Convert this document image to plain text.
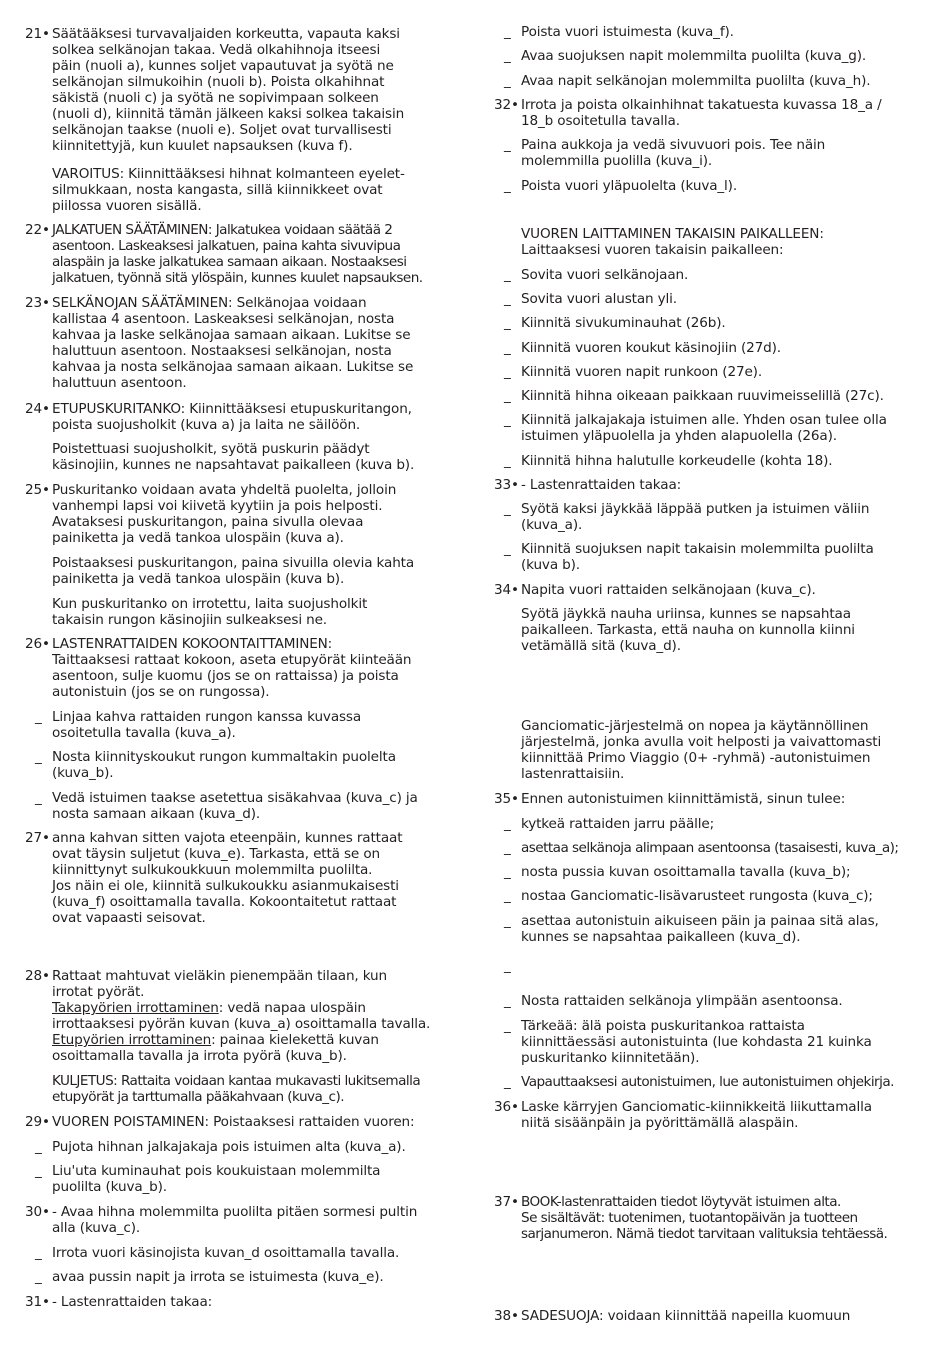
21• Säätääksesi turvavaljaiden korkeutta, vapauta kaksi
solkea selkänojan takaa. Vedä olkahihnoja itseesi
päin (nuoli a), kunnes soljet vapautuvat ja syötä ne
selkänojan silmukoihin (nuoli b). Poista olkahihnat
säkistä (nuoli c) ja syötä ne sopivimpaan solkeen
(nuoli d), kiinnitä tämän jälkeen kaksi solkea takaisin
selkänojan taakse (nuoli e). Soljet ovat turvallisesti
kiinnitettyjä, kun kuulet napsauksen (kuva f).
VAROITUS: Kiinnittääksesi hihnat kolmanteen eyelet-
silmukkaan, nosta kangasta, sillä kiinnikkeet ovat
piilossa vuoren sisällä.
22• JALKATUEN SÄÄTÄMINEN: Jalkatukea voidaan säätää 2
asentoon. Laskeaksesi jalkatuen, paina kahta sivuvipua
alaspäin ja laske jalkatukea samaan aikaan. Nostaaksesi
jalkatuen, työnnä sitä ylöspäin, kunnes kuulet napsauksen.
23• SELKÄNOJAN SÄÄTÄMINEN: Selkänojaa voidaan
kallistaa 4 asentoon. Laskeaksesi selkänojan, nosta
kahvaa ja laske selkänojaa samaan aikaan. Lukitse se
haluttuun asentoon. Nostaaksesi selkänojan, nosta
kahvaa ja nosta selkänojaa samaan aikaan. Lukitse se
haluttuun asentoon.
24• ETUPUSKURITANKO: Kiinnittääksesi etupuskuritangon,
poista suojusholkit (kuva a) ja laita ne säilöön.
Poistettuasi suojusholkit, syötä puskurin päädyt
käsinojiin, kunnes ne napsahtavat paikalleen (kuva b).
25• Puskuritanko voidaan avata yhdeltä puolelta, jolloin
vanhempi lapsi voi kiivetä kyytiin ja pois helposti.
Avataksesi puskuritangon, paina sivulla olevaa
painiketta ja vedä tankoa ulospäin (kuva a).
Poistaaksesi puskuritangon, paina sivuilla olevia kahta
painiketta ja vedä tankoa ulospäin (kuva b).
Kun puskuritanko on irrotettu, laita suojusholkit
takaisin rungon käsinojiin sulkeaksesi ne.
26• LASTENRATTAIDEN KOKOONTAITTAMINEN:
Taittaaksesi rattaat kokoon, aseta etupyörät kiinteään
asentoon, sulje kuomu (jos se on rattaissa) ja poista
autonistuin (jos se on rungossa).
_ Linjaa kahva rattaiden rungon kanssa kuvassa
osoitetulla tavalla (kuva_a).
_ Nosta kiinnityskoukut rungon kummaltakin puolelta
(kuva_b).
_ Vedä istuimen taakse asetettua sisäkahvaa (kuva_c) ja
nosta samaan aikaan (kuva_d).
27• anna kahvan sitten vajota eteenpäin, kunnes rattaat
ovat täysin suljetut (kuva_e). Tarkasta, että se on
kiinnittynyt sulkukoukkuun molemmilta puolilta.
Jos näin ei ole, kiinnitä sulkukoukku asianmukaisesti
(kuva_f) osoittamalla tavalla. Kokoontaitetut rattaat
ovat vapaasti seisovat.
28• Rattaat mahtuvat vieläkin pienempään tilaan, kun
irrotat pyörät.
Takapyörien irrottaminen: vedä napaa ulospäin
irrottaaksesi pyörän kuvan (kuva_a) osoittamalla tavalla.
Etupyörien irrottaminen: painaa kielekettä kuvan
osoittamalla tavalla ja irrota pyörä (kuva_b).
KULJETUS: Rattaita voidaan kantaa mukavasti lukitsemalla
etupyörät ja tarttumalla pääkahvaan (kuva_c).
29• VUOREN POISTAMINEN: Poistaaksesi rattaiden vuoren:
_ Pujota hihnan jalkajakaja pois istuimen alta (kuva_a).
_ Liu'uta kuminauhat pois koukuistaan molemmilta
puolilta (kuva_b).
30• - Avaa hihna molemmilta puolilta pitäen sormesi pultin
alla (kuva_c).
_ Irrota vuori käsinojista kuvan_d osoittamalla tavalla.
_ avaa pussin napit ja irrota se istuimesta (kuva_e).
31• - Lastenrattaiden takaa:
_ Poista vuori istuimesta (kuva_f).
_ Avaa suojuksen napit molemmilta puolilta (kuva_g).
_ Avaa napit selkänojan molemmilta puolilta (kuva_h).
32• Irrota ja poista olkainhihnat takatuesta kuvassa 18_a /
18_b osoitetulla tavalla.
_ Paina aukkoja ja vedä sivuvuori pois. Tee näin
molemmilla puolilla (kuva_i).
_ Poista vuori yläpuolelta (kuva_l).
VUOREN LAITTAMINEN TAKAISIN PAIKALLEEN:
Laittaaksesi vuoren takaisin paikalleen:
_ Sovita vuori selkänojaan.
_ Sovita vuori alustan yli.
_ Kiinnitä sivukuminauhat (26b).
_ Kiinnitä vuoren koukut käsinojiin (27d).
_ Kiinnitä vuoren napit runkoon (27e).
_ Kiinnitä hihna oikeaan paikkaan ruuvimeisselillä (27c).
_ Kiinnitä jalkajakaja istuimen alle. Yhden osan tulee olla
istuimen yläpuolella ja yhden alapuolella (26a).
_ Kiinnitä hihna halutulle korkeudelle (kohta 18).
33• - Lastenrattaiden takaa:
_ Syötä kaksi jäykkää läppää putken ja istuimen väliin
(kuva_a).
_ Kiinnitä suojuksen napit takaisin molemmilta puolilta
(kuva b).
34• Napita vuori rattaiden selkänojaan (kuva_c).
Syötä jäykkä nauha uriinsa, kunnes se napsahtaa
paikalleen. Tarkasta, että nauha on kunnolla kiinni
vetämällä sitä (kuva_d).
Ganciomatic-järjestelmä on nopea ja käytännöllinen
järjestelmä, jonka avulla voit helposti ja vaivattomasti
kiinnittää Primo Viaggio (0+ -ryhmä) -autonistuimen
lastenrattaisiin.
35• Ennen autonistuimen kiinnittämistä, sinun tulee:
_ kytkeä rattaiden jarru päälle;
_ asettaa selkänoja alimpaan asentoonsa (tasaisesti, kuva_a);
_ nosta pussia kuvan osoittamalla tavalla (kuva_b);
_ nostaa Ganciomatic-lisävarusteet rungosta (kuva_c);
_ asettaa autonistuin aikuiseen päin ja painaa sitä alas,
kunnes se napsahtaa paikalleen (kuva_d).
_
_ Nosta rattaiden selkänoja ylimpään asentoonsa.
_ Tärkeää: älä poista puskuritankoa rattaista
kiinnittäessäsi autonistuinta (lue kohdasta 21 kuinka
puskuritanko kiinnitetään).
_ Vapauttaaksesi autonistuimen, lue autonistuimen ohjekirja.
36• Laske kärryjen Ganciomatic-kiinnikkeitä liikuttamalla
niitä sisäänpäin ja pyörittämällä alaspäin.
37• BOOK-lastenrattaiden tiedot löytyvät istuimen alta.
Se sisältävät: tuotenimen, tuotantopäivän ja tuotteen
sarjanumeron. Nämä tiedot tarvitaan valituksia tehtäessä.
38• SADESUOJA: voidaan kiinnittää napeilla kuomuun
